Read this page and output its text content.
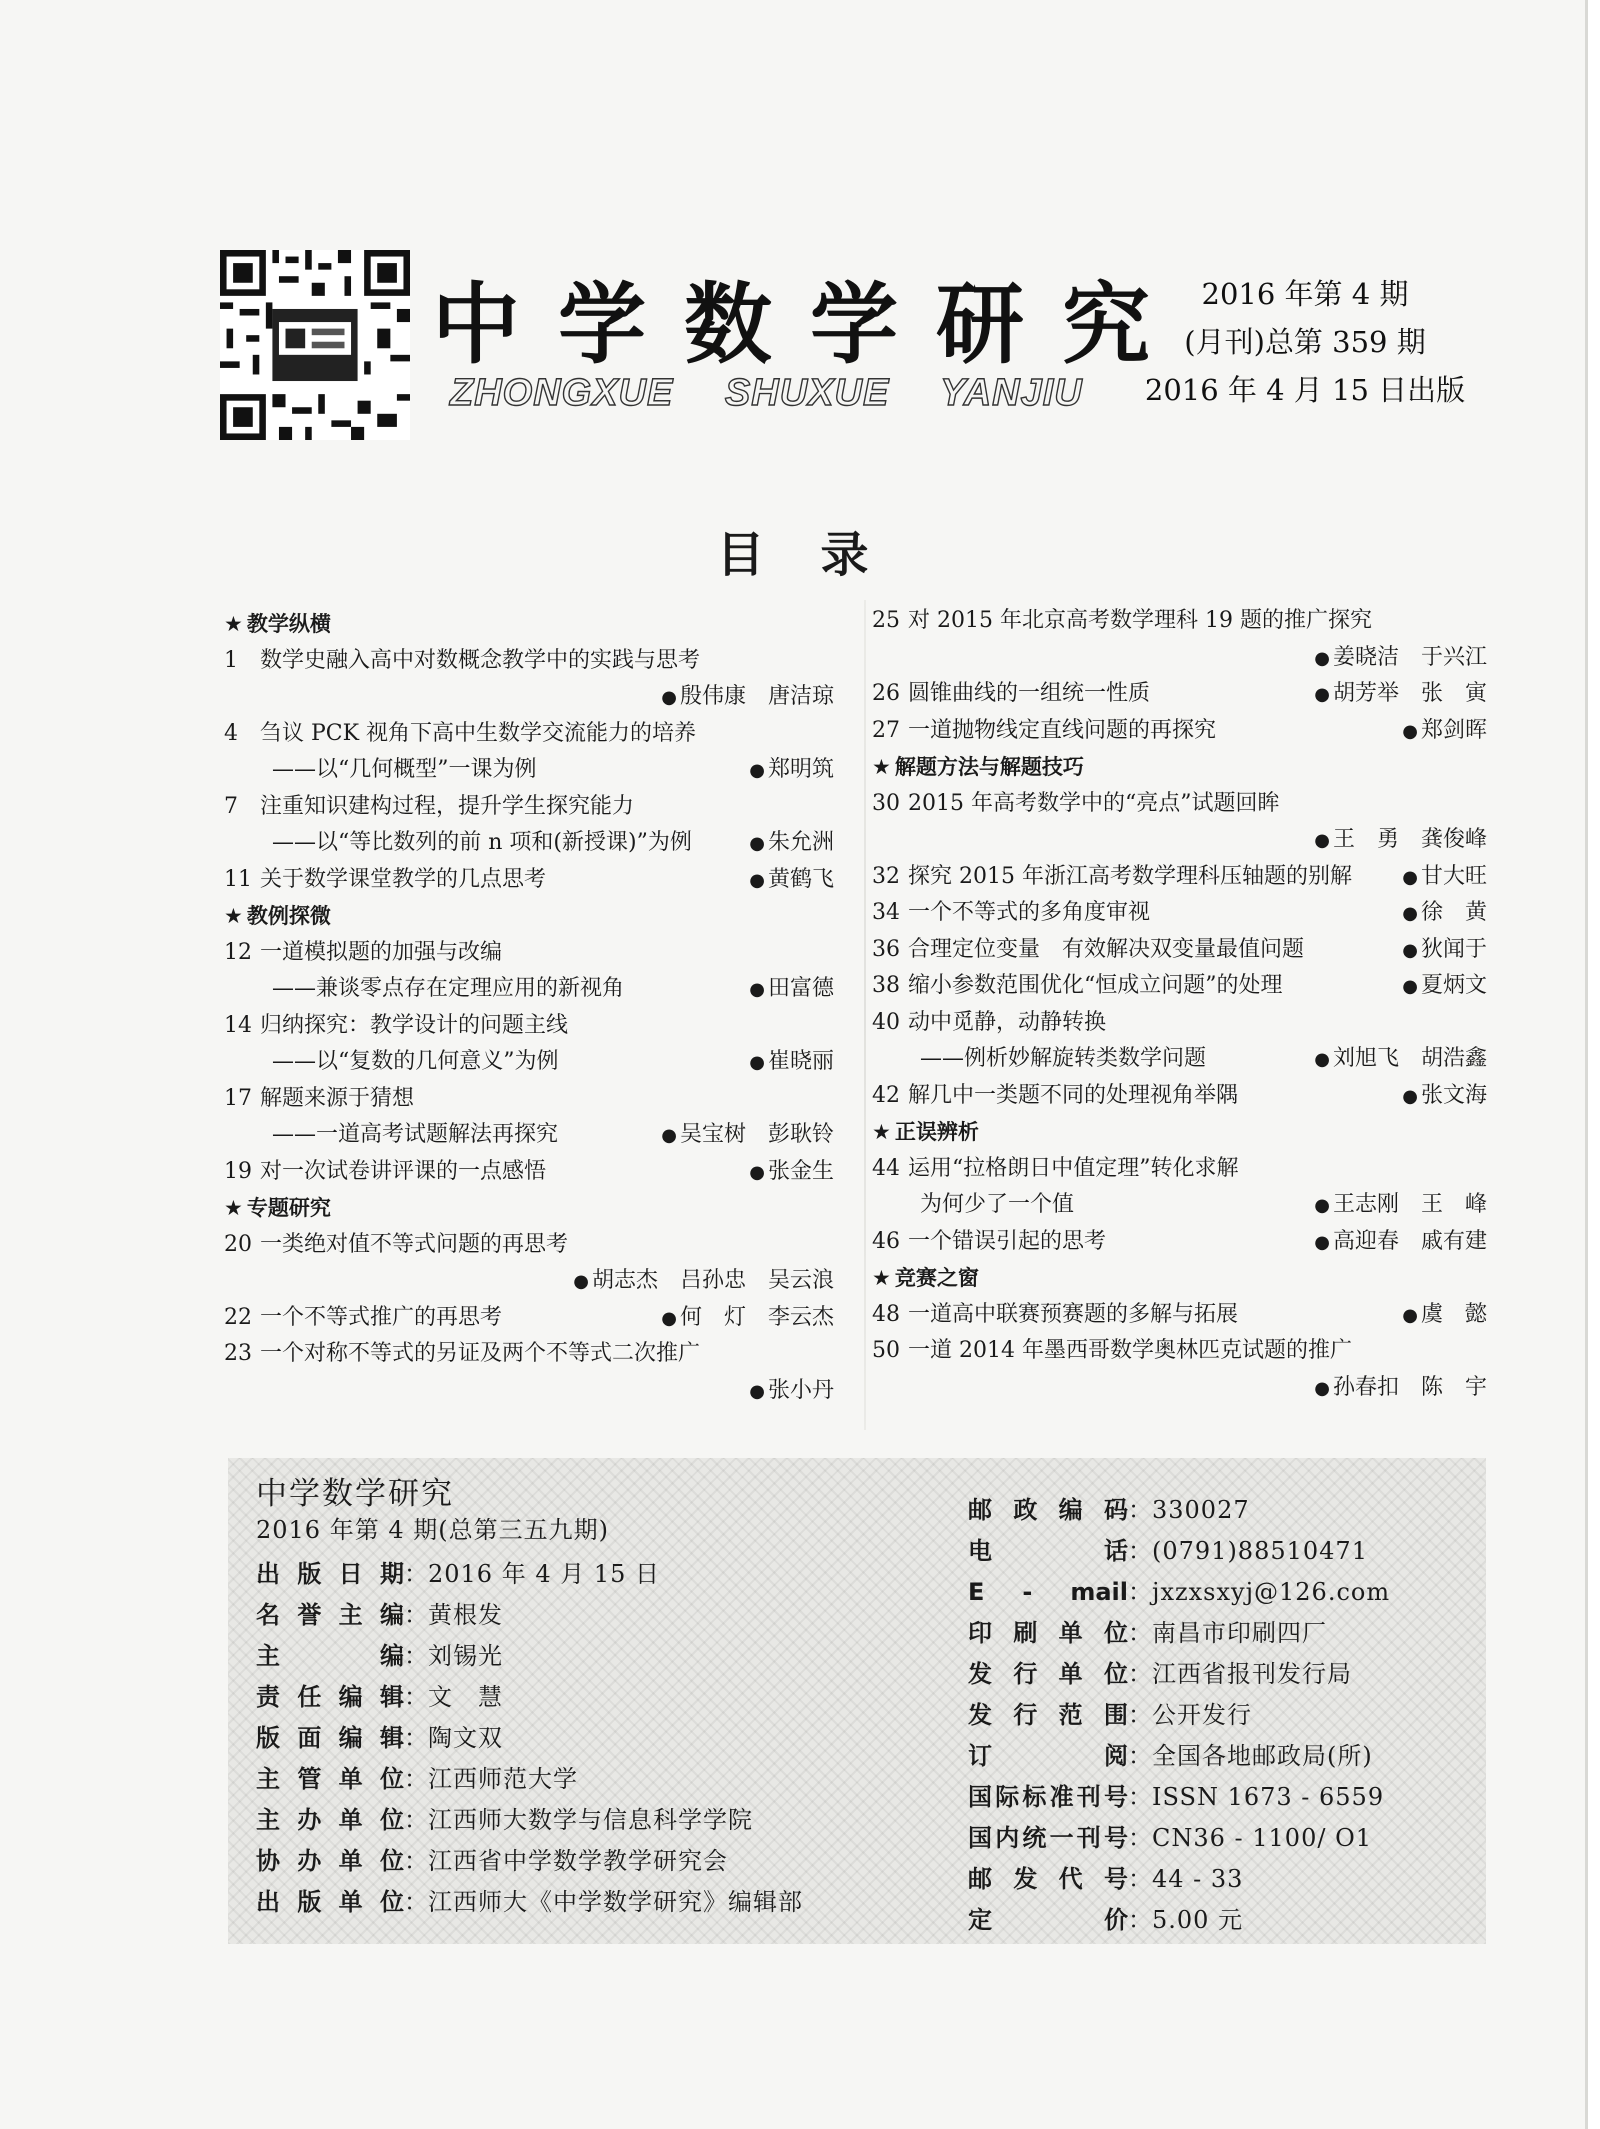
中学数学研究
ZHONGXUE SHUXUE YANJIU
2016 年第 4 期
(月刊)总第 359 期
2016 年 4 月 15 日出版
目录
★ 教学纵横
1 数学史融入高中对数概念教学中的实践与思考
● 殷伟康　唐洁琼
4 刍议 PCK 视角下高中生数学交流能力的培养
——以“几何概型”一课为例	● 郑明筑
7 注重知识建构过程，提升学生探究能力
——以“等比数列的前 n 项和(新授课)”为例	● 朱允洲
11 关于数学课堂教学的几点思考	● 黄鹤飞
★ 教例探微
12 一道模拟题的加强与改编
——兼谈零点存在定理应用的新视角	● 田富德
14 归纳探究：教学设计的问题主线
——以“复数的几何意义”为例	● 崔晓丽
17 解题来源于猜想
——一道高考试题解法再探究	● 吴宝树　彭耿铃
19 对一次试卷讲评课的一点感悟	● 张金生
★ 专题研究
20 一类绝对值不等式问题的再思考
● 胡志杰　吕孙忠　吴云浪
22 一个不等式推广的再思考	● 何　灯　李云杰
23 一个对称不等式的另证及两个不等式二次推广
● 张小丹
25 对 2015 年北京高考数学理科 19 题的推广探究
● 姜晓洁　于兴江
26 圆锥曲线的一组统一性质	● 胡芳举　张　寅
27 一道抛物线定直线问题的再探究	● 郑剑晖
★ 解题方法与解题技巧
30 2015 年高考数学中的“亮点”试题回眸
● 王　勇　龚俊峰
32 探究 2015 年浙江高考数学理科压轴题的别解	● 甘大旺
34 一个不等式的多角度审视	● 徐　黄
36 合理定位变量　有效解决双变量最值问题	● 狄闻于
38 缩小参数范围优化“恒成立问题”的处理	● 夏炳文
40 动中觅静，动静转换
——例析妙解旋转类数学问题	● 刘旭飞　胡浩鑫
42 解几中一类题不同的处理视角举隅	● 张文海
★ 正误辨析
44 运用“拉格朗日中值定理”转化求解
为何少了一个值	● 王志刚　王　峰
46 一个错误引起的思考	● 高迎春　戚有建
★ 竞赛之窗
48 一道高中联赛预赛题的多解与拓展	● 虞　懿
50 一道 2014 年墨西哥数学奥林匹克试题的推广
● 孙春扣　陈　宇
中学数学研究
2016 年第 4 期(总第三五九期)
出版日期：2016 年 4 月 15 日
名誉主编：黄根发
主编：刘锡光
责任编辑：文　慧
版面编辑：陶文双
主管单位：江西师范大学
主办单位：江西师大数学与信息科学学院
协办单位：江西省中学数学教学研究会
出版单位：江西师大《中学数学研究》编辑部
邮政编码：330027
电话：(0791)88510471
E - mail：jxzxsxyj@126.com
印刷单位：南昌市印刷四厂
发行单位：江西省报刊发行局
发行范围：公开发行
订阅：全国各地邮政局(所)
国际标准刊号：ISSN 1673 - 6559
国内统一刊号：CN36 - 1100/ O1
邮发代号：44 - 33
定价：5.00 元
